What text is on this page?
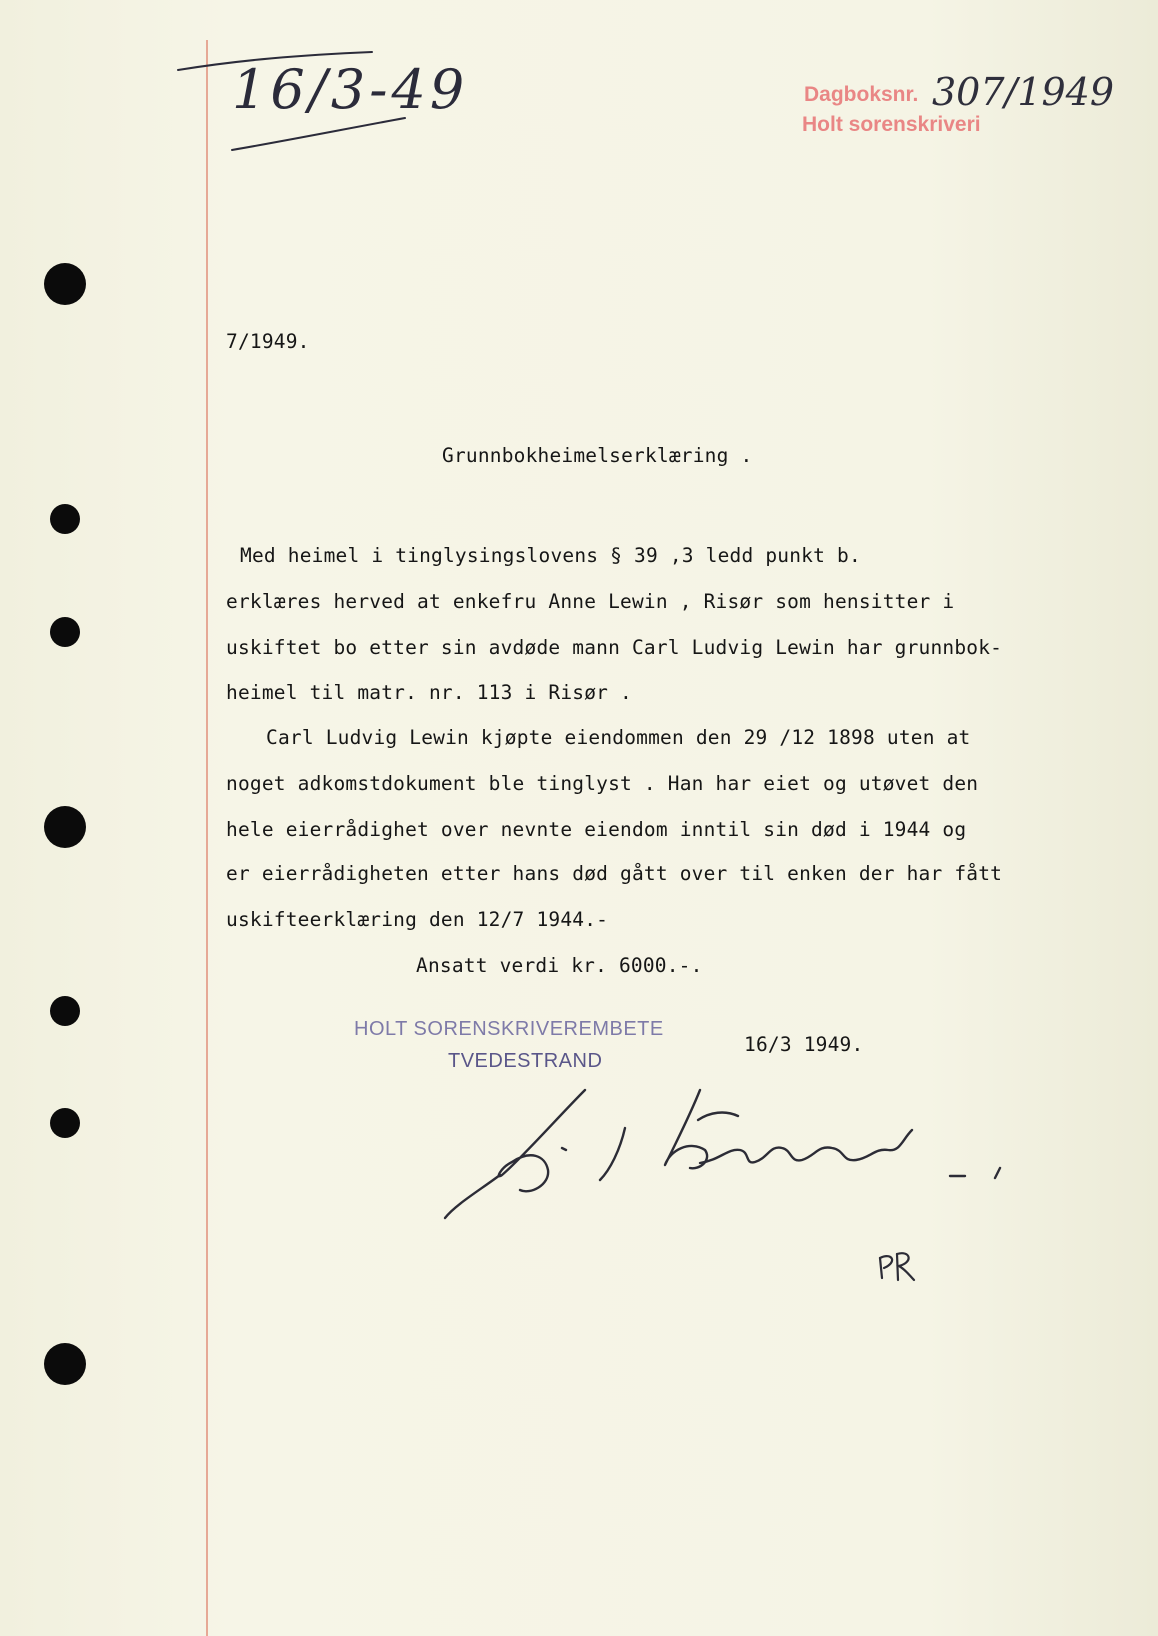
16/3-49	Dagboksnr. 307/1949
Holt sorenskriveri
7/1949.
Grunnbokheimelserklæring .
Med heimel i tinglysingslovens § 39 ,3 ledd punkt b.
erklæres herved at enkefru Anne Lewin , Risør som hensitter i
uskiftet bo etter sin avdøde mann Carl Ludvig Lewin har grunnbok-
heimel til matr. nr. 113 i Risør .
Carl Ludvig Lewin kjøpte eiendommen den 29 /12 1898 uten at
noget adkomstdokument ble tinglyst . Han har eiet og utøvet den
hele eierrådighet over nevnte eiendom inntil sin død i 1944 og
er eierrådigheten etter hans død gått over til enken der har fått
uskifteerklæring den 12/7 1944.-
Ansatt verdi kr. 6000.-.
HOLT SORENSKRIVEREMBETE
TVEDESTRAND
16/3 1949.
